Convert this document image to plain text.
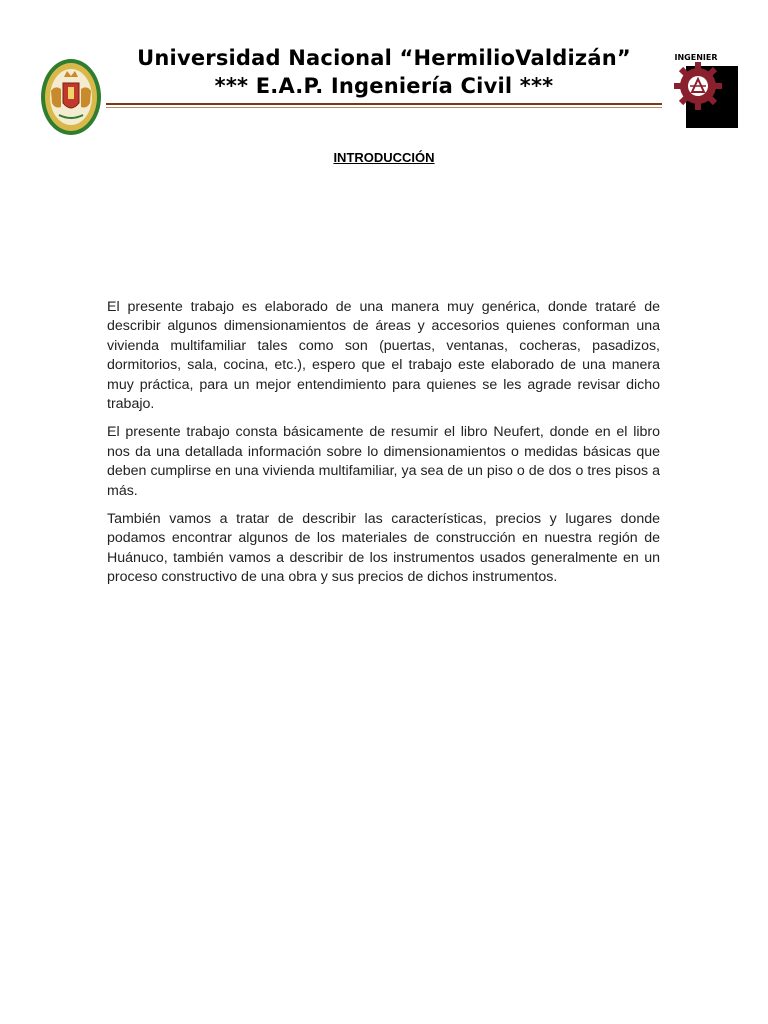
Universidad Nacional “HermilioValdizán”
*** E.A.P. Ingeniería Civil ***
INGENIER
INTRODUCCIÓN

El presente trabajo es elaborado de una manera muy genérica, donde trataré de describir algunos dimensionamientos de áreas y accesorios quienes conforman una vivienda multifamiliar tales como son (puertas, ventanas, cocheras, pasadizos, dormitorios, sala, cocina, etc.), espero que el trabajo este elaborado de una manera muy práctica, para un mejor entendimiento para quienes se les agrade revisar dicho trabajo.

El presente trabajo consta básicamente de resumir el libro Neufert, donde en el libro nos da una detallada información sobre lo dimensionamientos o medidas básicas que deben cumplirse en una vivienda multifamiliar, ya sea de un piso o de dos o tres pisos a más.

También vamos a tratar de describir las características, precios y lugares donde podamos encontrar algunos de los materiales de construcción en nuestra región de Huánuco, también vamos a describir de los instrumentos usados generalmente en un proceso constructivo de una obra y sus precios de dichos instrumentos.
